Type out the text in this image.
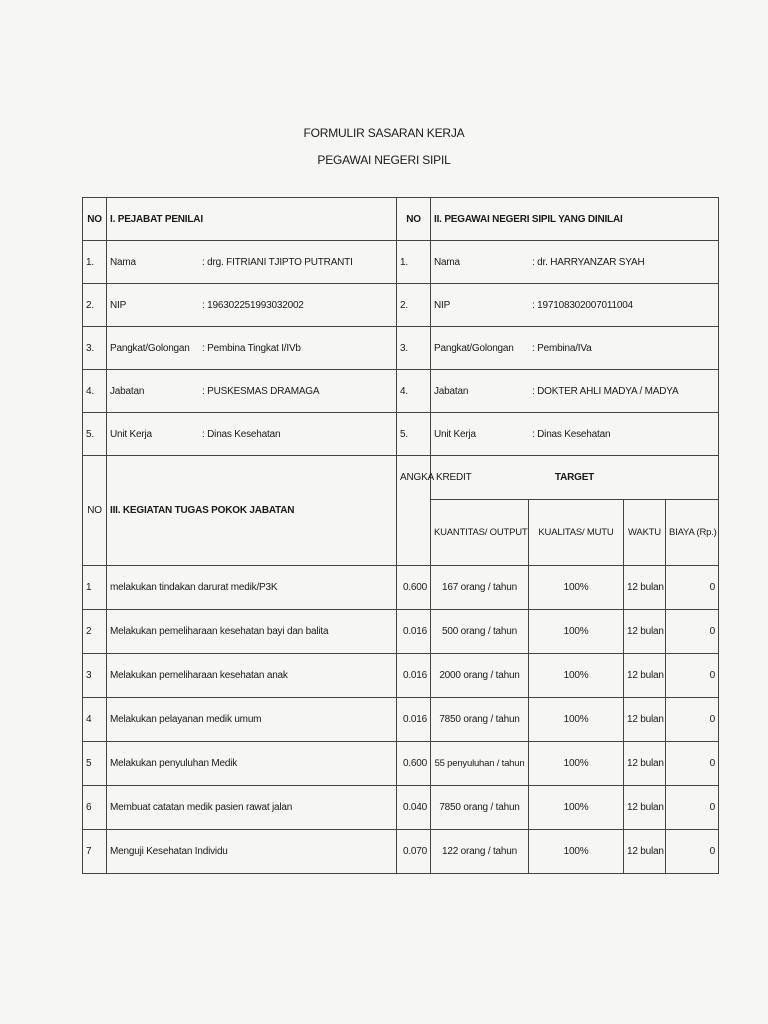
FORMULIR SASARAN KERJA
PEGAWAI NEGERI SIPIL
NO	I. PEJABAT PENILAI	NO	II. PEGAWAI NEGERI SIPIL YANG DINILAI			
1.	Nama : drg. FITRIANI TJIPTO PUTRANTI	1.	Nama : dr. HARRYANZAR SYAH			
2.	NIP : 196302251993032002	2.	NIP : 197108302007011004			
3.	Pangkat/Golongan : Pembina Tingkat I/IVb	3.	Pangkat/Golongan : Pembina/IVa			
4.	Jabatan : PUSKESMAS DRAMAGA	4.	Jabatan : DOKTER AHLI MADYA / MADYA			
5.	Unit Kerja : Dinas Kesehatan	5.	Unit Kerja : Dinas Kesehatan			
NO	III. KEGIATAN TUGAS POKOK JABATAN	ANGKA KREDIT	TARGET			
			KUANTITAS/ OUTPUT	KUALITAS/ MUTU	WAKTU	BIAYA (Rp.)
1	melakukan tindakan darurat medik/P3K	0.600	167 orang / tahun	100%	12 bulan	0
2	Melakukan pemeliharaan kesehatan bayi dan balita	0.016	500 orang / tahun	100%	12 bulan	0
3	Melakukan pemeliharaan kesehatan anak	0.016	2000 orang / tahun	100%	12 bulan	0
4	Melakukan pelayanan medik umum	0.016	7850 orang / tahun	100%	12 bulan	0
5	Melakukan penyuluhan Medik	0.600	55 penyuluhan / tahun	100%	12 bulan	0
6	Membuat catatan medik pasien rawat jalan	0.040	7850 orang / tahun	100%	12 bulan	0
7	Menguji Kesehatan Individu	0.070	122 orang / tahun	100%	12 bulan	0
